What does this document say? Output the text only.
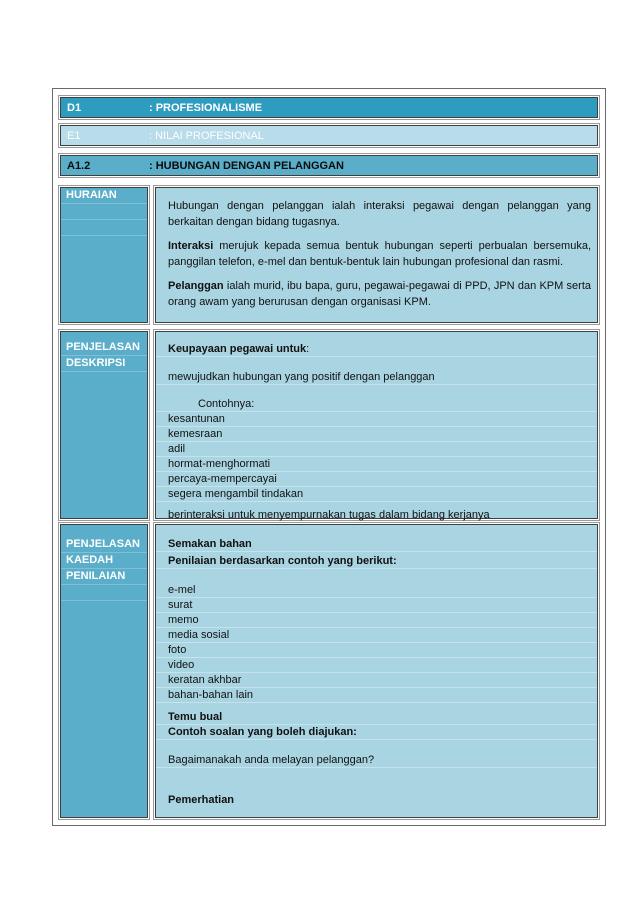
D1	: PROFESIONALISME
E1	: NILAI PROFESIONAL
A1.2	: HUBUNGAN DENGAN PELANGGAN
HURAIAN

Hubungan dengan pelanggan ialah interaksi pegawai dengan pelanggan yang berkaitan dengan bidang tugasnya.

Interaksi merujuk kepada semua bentuk hubungan seperti perbualan bersemuka, panggilan telefon, e-mel dan bentuk-bentuk lain hubungan profesional dan rasmi.

Pelanggan ialah murid, ibu bapa, guru, pegawai-pegawai di PPD, JPN dan KPM serta orang awam yang berurusan dengan organisasi KPM.

PENJELASAN
DESKRIPSI
Keupayaan pegawai untuk:
mewujudkan hubungan yang positif dengan pelanggan
Contohnya:
kesantunan
kemesraan
adil
hormat-menghormati
percaya-mempercayai
segera mengambil tindakan
berinteraksi untuk menyempurnakan tugas dalam bidang kerjanya
PENJELASAN
KAEDAH
PENILAIAN
Semakan bahan
Penilaian berdasarkan contoh yang berikut:
e-mel
surat
memo
media sosial
foto
video
keratan akhbar
bahan-bahan lain
Temu bual
Contoh soalan yang boleh diajukan:
Bagaimanakah anda melayan pelanggan?
Pemerhatian
